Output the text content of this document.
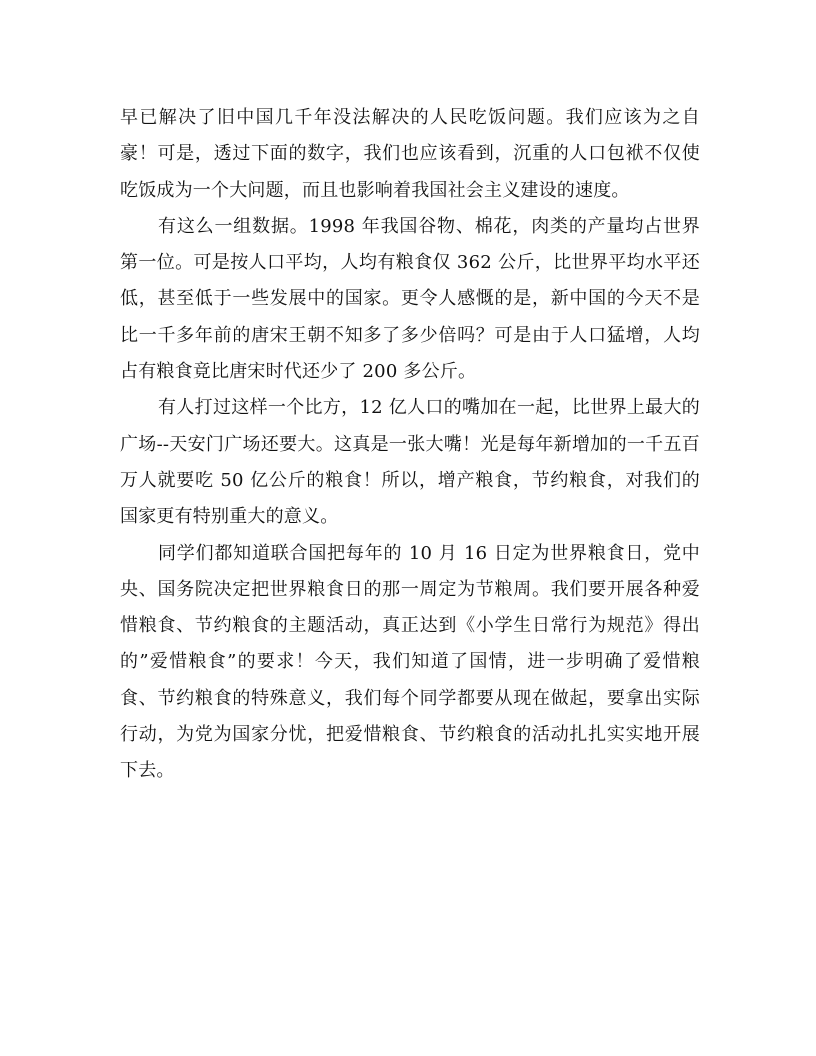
早已解决了旧中国几千年没法解决的人民吃饭问题。我们应该为之自豪！可是，透过下面的数字，我们也应该看到，沉重的人口包袱不仅使吃饭成为一个大问题，而且也影响着我国社会主义建设的速度。

有这么一组数据。1998 年我国谷物、棉花，肉类的产量均占世界第一位。可是按人口平均，人均有粮食仅 362 公斤，比世界平均水平还低，甚至低于一些发展中的国家。更令人感慨的是，新中国的今天不是比一千多年前的唐宋王朝不知多了多少倍吗？可是由于人口猛增，人均占有粮食竟比唐宋时代还少了 200 多公斤。

有人打过这样一个比方，12 亿人口的嘴加在一起，比世界上最大的广场--天安门广场还要大。这真是一张大嘴！光是每年新增加的一千五百万人就要吃 50 亿公斤的粮食！所以，增产粮食，节约粮食，对我们的国家更有特别重大的意义。

同学们都知道联合国把每年的 10 月 16 日定为世界粮食日，党中央、国务院决定把世界粮食日的那一周定为节粮周。我们要开展各种爱惜粮食、节约粮食的主题活动，真正达到《小学生日常行为规范》得出的”爱惜粮食”的要求！今天，我们知道了国情，进一步明确了爱惜粮食、节约粮食的特殊意义，我们每个同学都要从现在做起，要拿出实际行动，为党为国家分忧，把爱惜粮食、节约粮食的活动扎扎实实地开展下去。
